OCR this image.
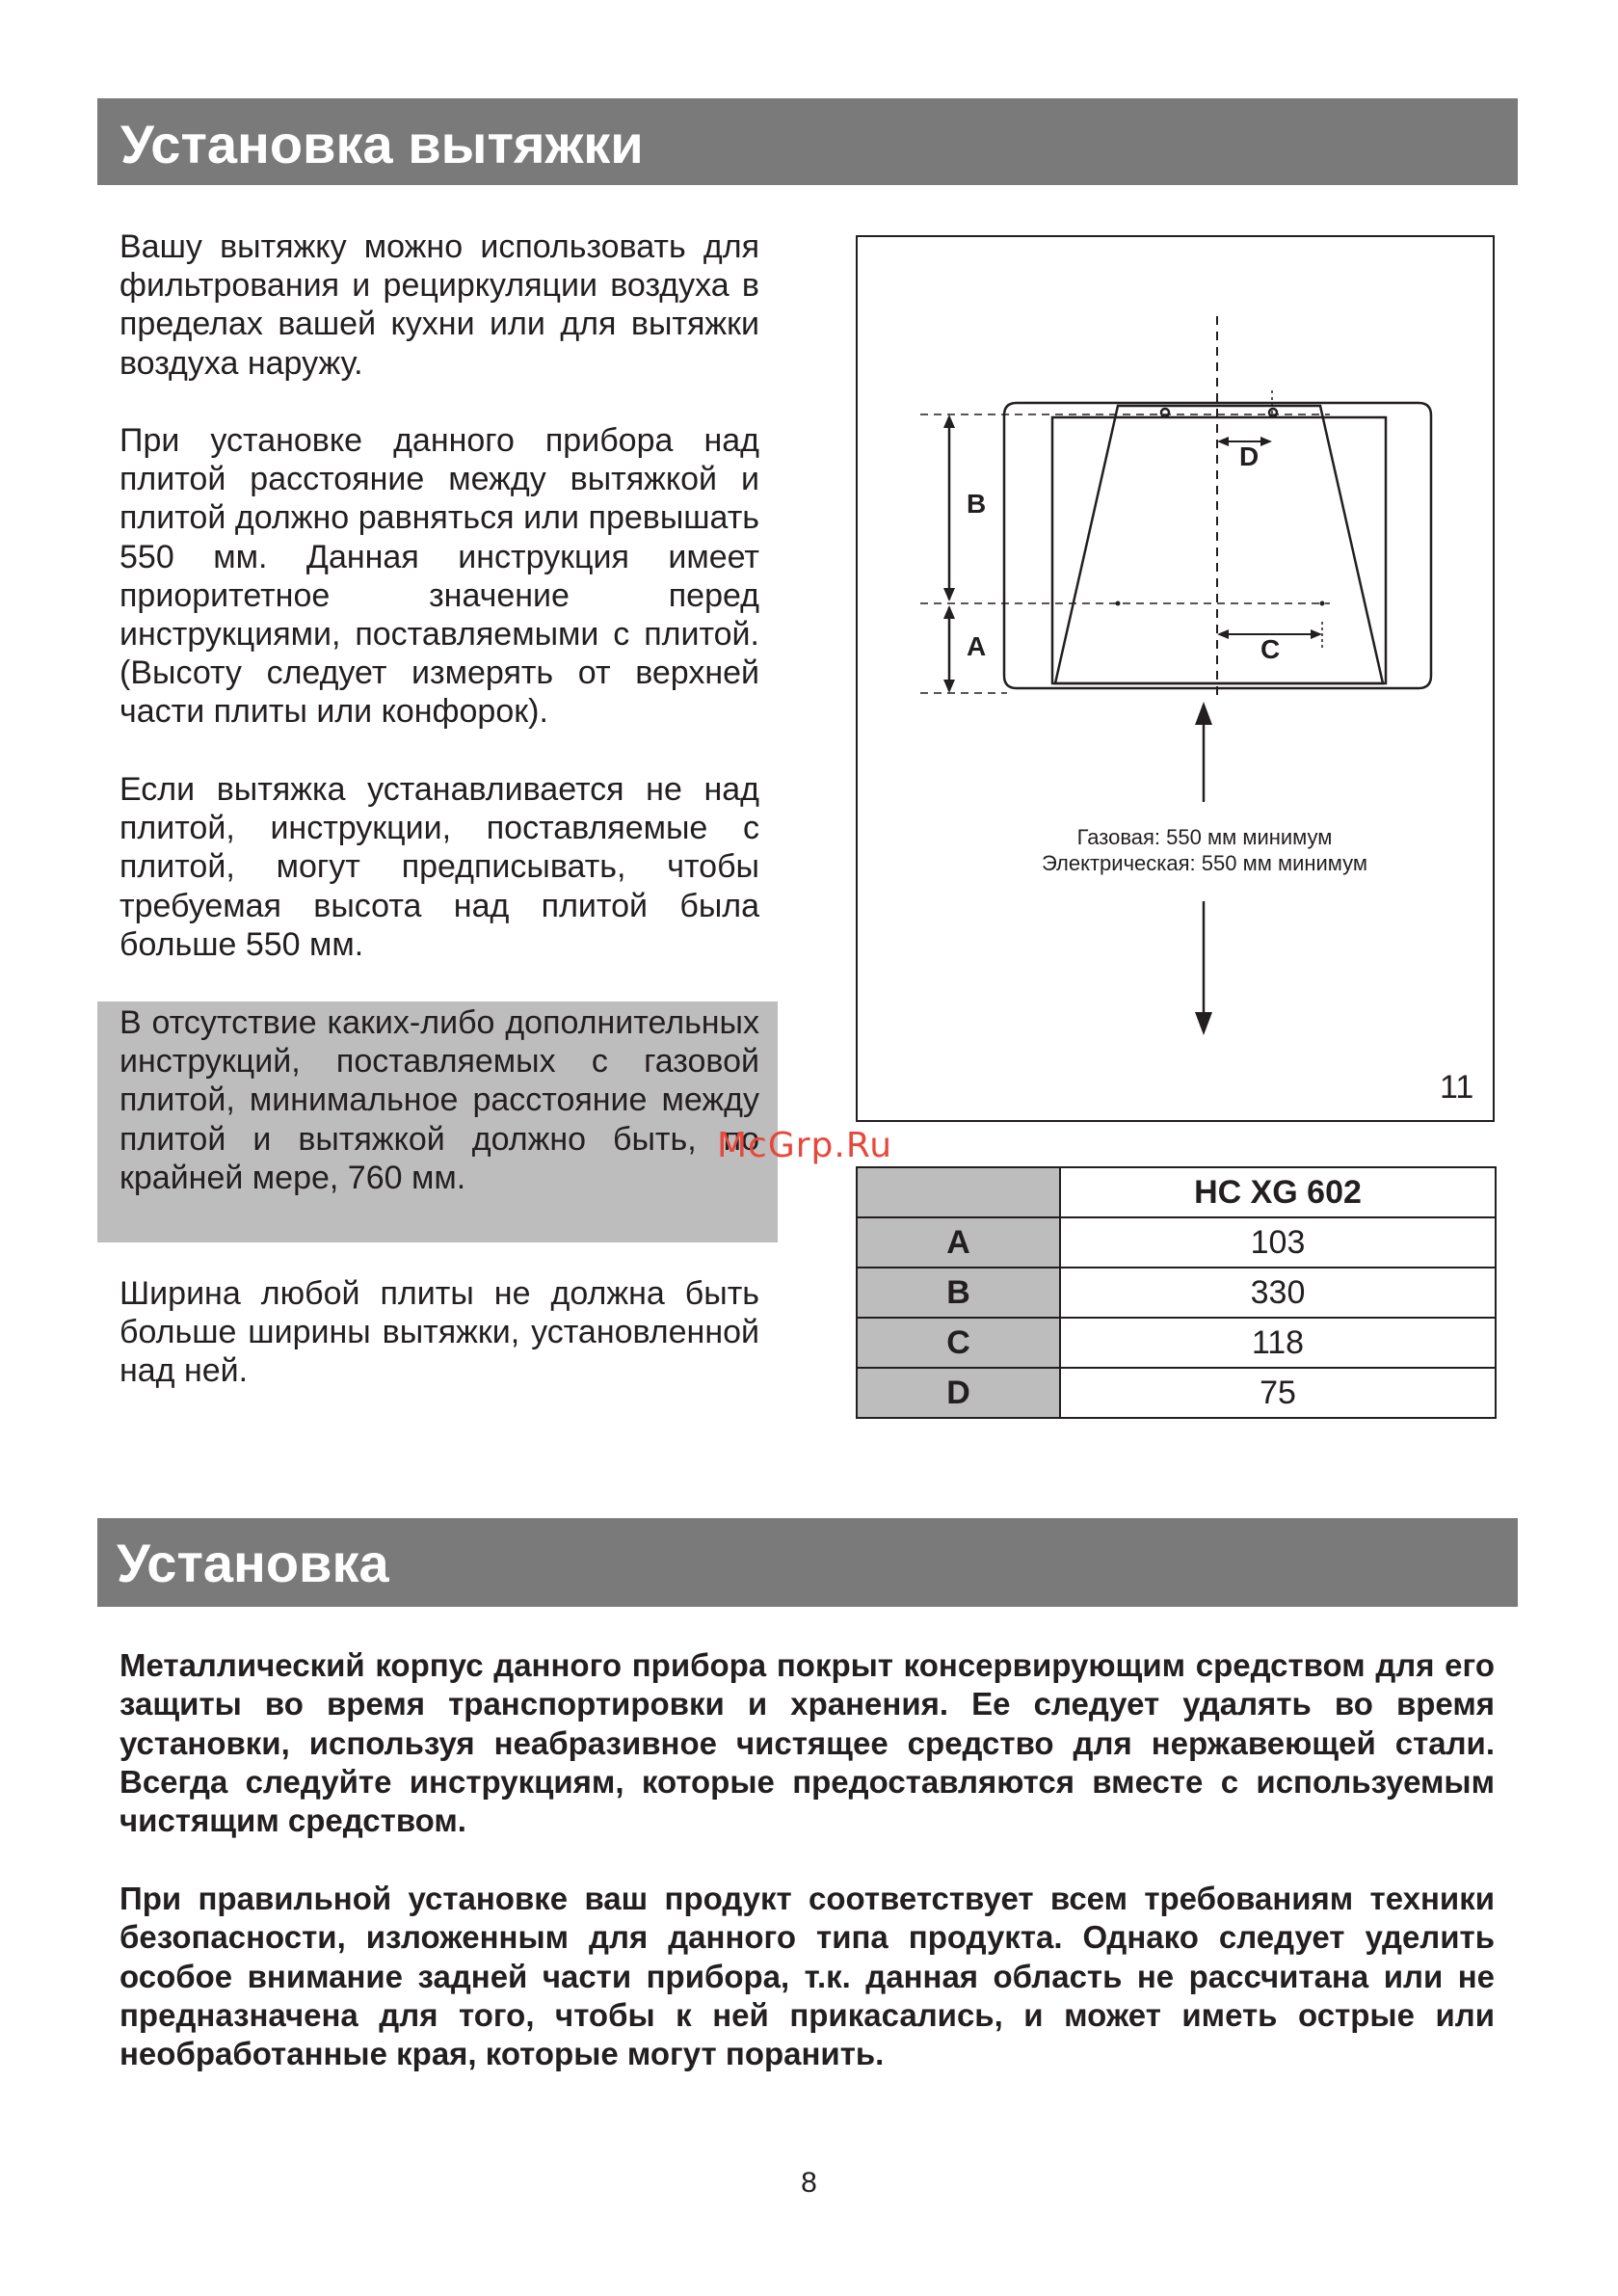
Установка вытяжки

Вашу вытяжку можно использовать для фильтрования и рециркуляции воздуха в пределах вашей кухни или для вытяжки воздуха наружу.

При установке данного прибора над плитой расстояние между вытяжкой и плитой должно равняться или превышать 550 мм. Данная инструкция имеет приоритетное значение перед инструкциями, поставляемыми с плитой. (Высоту следует измерять от верхней части плиты или конфорок).

Если вытяжка устанавливается не над плитой, инструкции, поставляемые с плитой, могут предписывать, чтобы требуемая высота над плитой была больше 550 мм.

В отсутствие каких-либо дополнительных инструкций, поставляемых с газовой плитой, минимальное расстояние между плитой и вытяжкой должно быть, по крайней мере, 760 мм.

Ширина любой плиты не должна быть больше ширины вытяжки, установленной над ней.

B
A
D
C
Газовая: 550 мм минимум
Электрическая: 550 мм минимум
11
	HC XG 602
A	103
B	330
C	118
D	75
McGrp.Ru
Установка

Металлический корпус данного прибора покрыт консервирующим средством для его защиты во время транспортировки и хранения. Ее следует удалять во время установки, используя неабразивное чистящее средство для нержавеющей стали. Всегда следуйте инструкциям, которые предоставляются вместе с используемым чистящим средством.

При правильной установке ваш продукт соответствует всем требованиям техники безопасности, изложенным для данного типа продукта. Однако следует уделить особое внимание задней части прибора, т.к. данная область не рассчитана или не предназначена для того, чтобы к ней прикасались, и может иметь острые или необработанные края, которые могут поранить.

8
